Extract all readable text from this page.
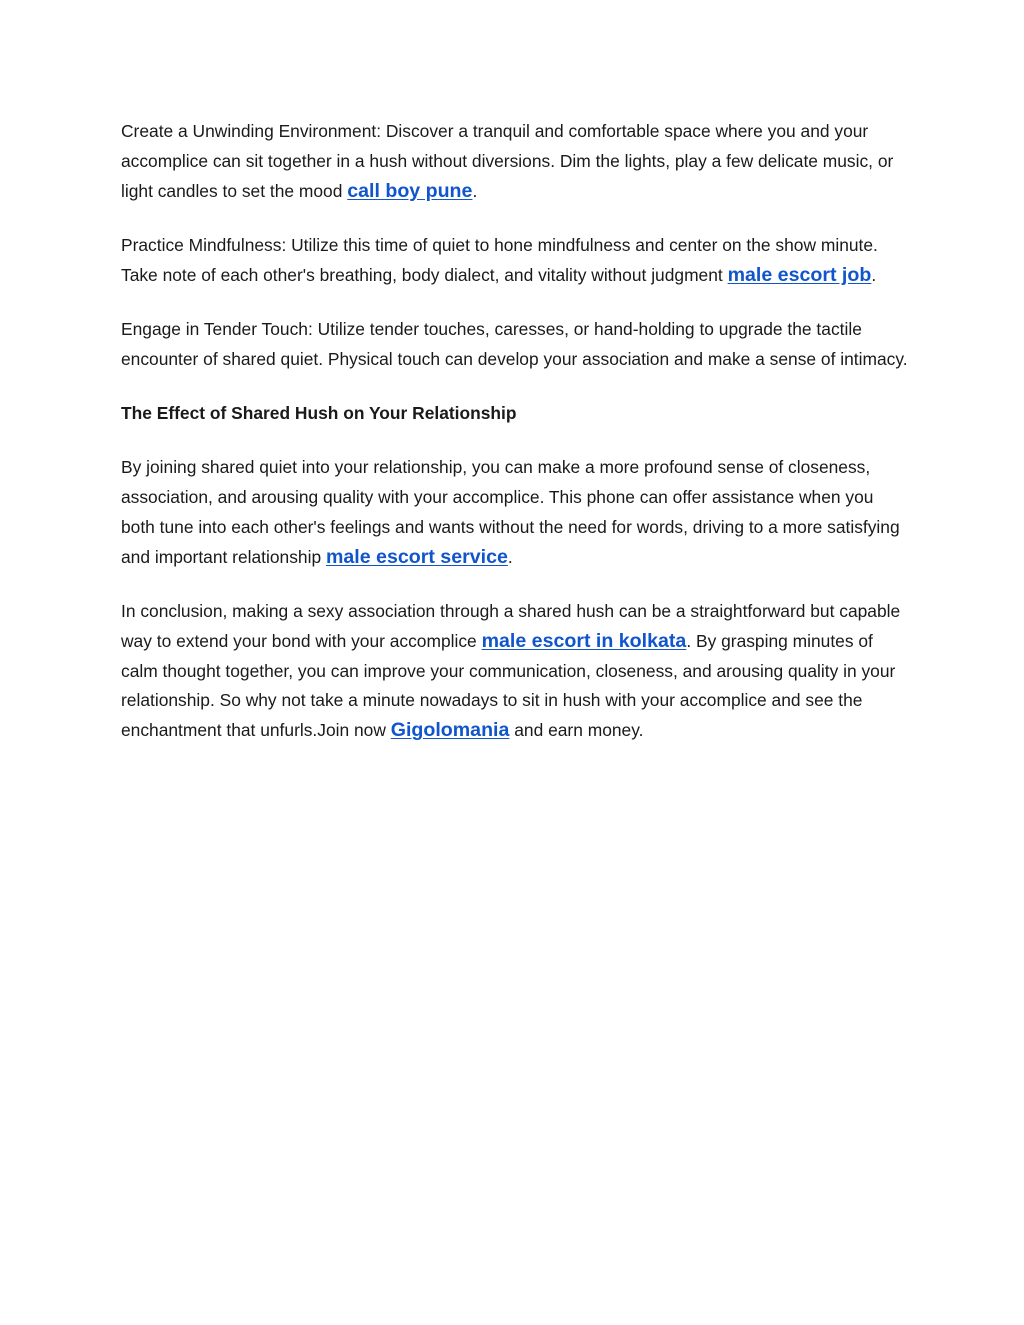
Create a Unwinding Environment: Discover a tranquil and comfortable space where you and your accomplice can sit together in a hush without diversions. Dim the lights, play a few delicate music, or light candles to set the mood call boy pune.

Practice Mindfulness: Utilize this time of quiet to hone mindfulness and center on the show minute. Take note of each other's breathing, body dialect, and vitality without judgment male escort job.

Engage in Tender Touch: Utilize tender touches, caresses, or hand-holding to upgrade the tactile encounter of shared quiet. Physical touch can develop your association and make a sense of intimacy.

The Effect of Shared Hush on Your Relationship

By joining shared quiet into your relationship, you can make a more profound sense of closeness, association, and arousing quality with your accomplice. This phone can offer assistance when you both tune into each other's feelings and wants without the need for words, driving to a more satisfying and important relationship male escort service.

In conclusion, making a sexy association through a shared hush can be a straightforward but capable way to extend your bond with your accomplice male escort in kolkata. By grasping minutes of calm thought together, you can improve your communication, closeness, and arousing quality in your relationship. So why not take a minute nowadays to sit in hush with your accomplice and see the enchantment that unfurls.Join now Gigolomania and earn money.
